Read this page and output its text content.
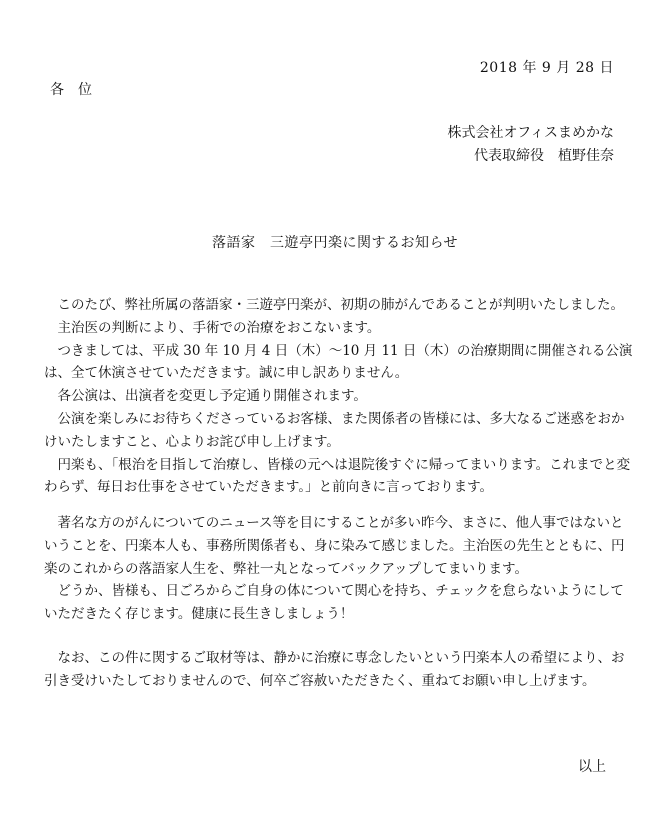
2018 年 9 月 28 日
各位
株式会社オフィスまめかな
代表取締役　植野佳奈
落語家　三遊亭円楽に関するお知らせ

　このたび、弊社所属の落語家・三遊亭円楽が、初期の肺がんであることが判明いたしました。

　主治医の判断により、手術での治療をおこないます。

　つきましては、平成 30 年 10 月 4 日（木）～10 月 11 日（木）の治療期間に開催される公演は、全て休演させていただきます。誠に申し訳ありません。

　各公演は、出演者を変更し予定通り開催されます。

　公演を楽しみにお待ちくださっているお客様、また関係者の皆様には、多大なるご迷惑をおかけいたしますこと、心よりお詫び申し上げます。

　円楽も、「根治を目指して治療し、皆様の元へは退院後すぐに帰ってまいります。これまでと変わらず、毎日お仕事をさせていただきます。」と前向きに言っております。

　著名な方のがんについてのニュース等を目にすることが多い昨今、まさに、他人事ではないということを、円楽本人も、事務所関係者も、身に染みて感じました。主治医の先生とともに、円楽のこれからの落語家人生を、弊社一丸となってバックアップしてまいります。

　どうか、皆様も、日ごろからご自身の体について関心を持ち、チェックを怠らないようにしていただきたく存じます。健康に長生きしましょう！

　なお、この件に関するご取材等は、静かに治療に専念したいという円楽本人の希望により、お引き受けいたしておりませんので、何卒ご容赦いただきたく、重ねてお願い申し上げます。

以上
